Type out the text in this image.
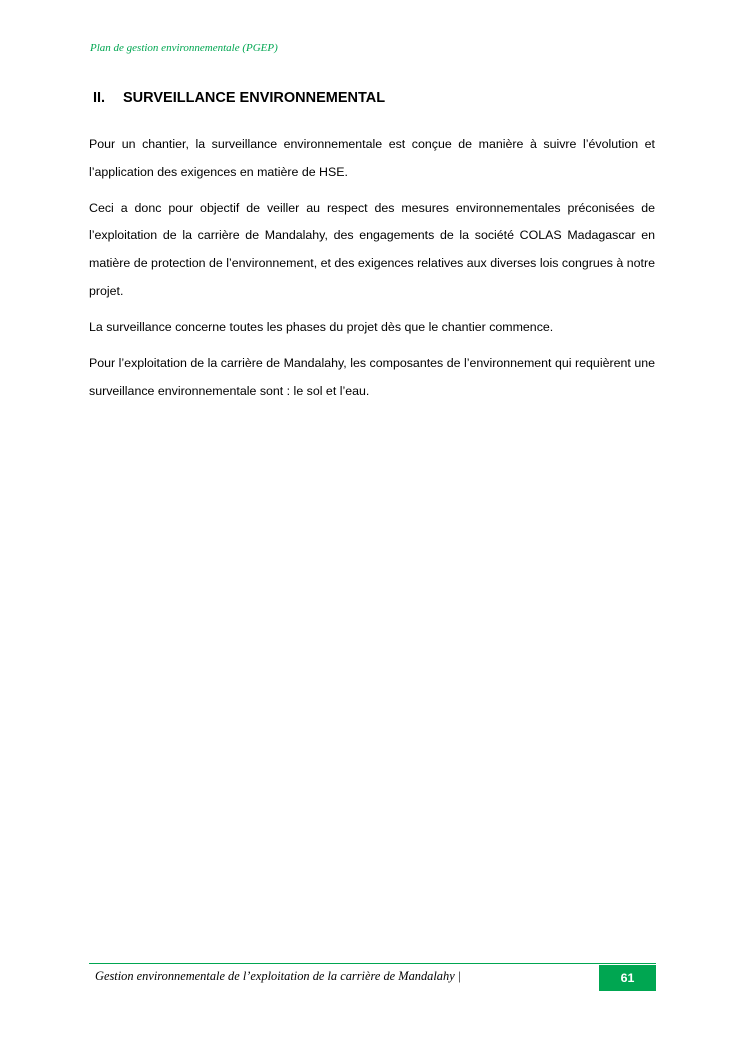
Plan de gestion environnementale (PGEP)
II. SURVEILLANCE ENVIRONNEMENTAL

Pour un chantier, la surveillance environnementale est conçue de manière à suivre l’évolution et l’application des exigences en matière de HSE.

Ceci a donc pour objectif de veiller au respect des mesures environnementales préconisées de l’exploitation de la carrière de Mandalahy, des engagements de la société COLAS Madagascar en matière de protection de l’environnement, et des exigences relatives aux diverses lois congrues à notre projet.

La surveillance concerne toutes les phases du projet dès que le chantier commence.

Pour l’exploitation de la carrière de Mandalahy, les composantes de l’environnement qui requièrent une surveillance environnementale sont : le sol et l’eau.

Gestion environnementale de l’exploitation de la carrière de Mandalahy |	61
